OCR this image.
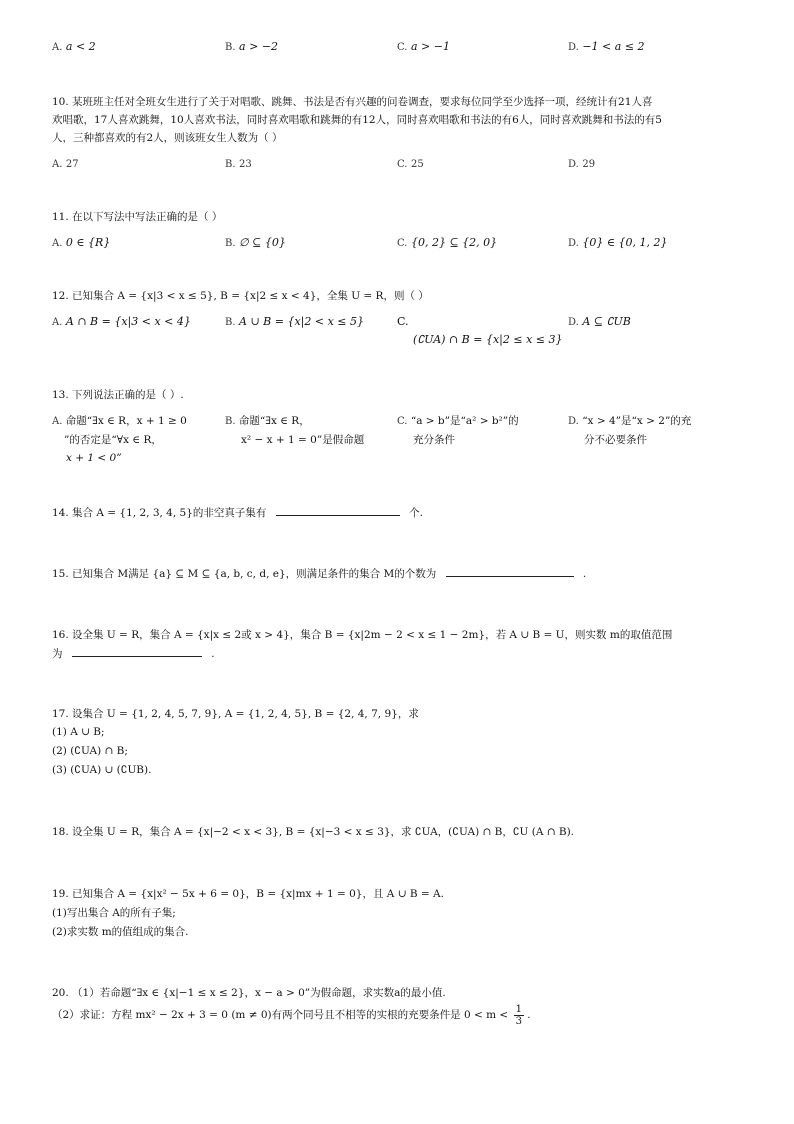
A. a < 2	B. a > −2	C. a > −1	D. −1 < a ≤ 2
10. 某班班主任对全班女生进行了关于对唱歌、跳舞、书法是否有兴趣的问卷调查，要求每位同学至少选择一项，经统计有21人喜
欢唱歌，17人喜欢跳舞，10人喜欢书法，同时喜欢唱歌和跳舞的有12人，同时喜欢唱歌和书法的有6人，同时喜欢跳舞和书法的有5
人，三种都喜欢的有2人，则该班女生人数为（ ）
A. 27	B. 23	C. 25	D. 29
11. 在以下写法中写法正确的是（ ）
A. 0 ∈ {R}	B. ∅ ⊆ {0}	C. {0, 2} ⊆ {2, 0}	D. {0} ∈ {0, 1, 2}
12. 已知集合 A = {x|3 < x ≤ 5}, B = {x|2 ≤ x < 4}，全集 U = R，则（ ）
A. A ∩ B = {x|3 < x < 4}	B. A ∪ B = {x|2 < x ≤ 5}	C.
(∁UA) ∩ B = {x|2 ≤ x ≤ 3}
D. A ⊆ ∁UB
13. 下列说法正确的是（ ）.
A. 命题“∃x ∈ R，x + 1 ≥ 0
”的否定是“∀x ∈ R，
x + 1 < 0”
B. 命题“∃x ∈ R，
x² − x + 1 = 0”是假命题
C. “a > b”是“a² > b²”的
充分条件
D. “x > 4”是“x > 2”的充
分不必要条件
14. 集合 A = {1, 2, 3, 4, 5}的非空真子集有	个.
15. 已知集合 M满足 {a} ⊆ M ⊆ {a, b, c, d, e}，则满足条件的集合 M的个数为	.
16. 设全集 U = R，集合 A = {x|x ≤ 2或 x > 4}，集合 B = {x|2m − 2 < x ≤ 1 − 2m}，若 A ∪ B = U，则实数 m的取值范围
为	.
17. 设集合 U = {1, 2, 4, 5, 7, 9}, A = {1, 2, 4, 5}, B = {2, 4, 7, 9}，求
(1) A ∪ B;
(2) (∁UA) ∩ B;
(3) (∁UA) ∪ (∁UB).
18. 设全集 U = R，集合 A = {x|−2 < x < 3}, B = {x|−3 < x ≤ 3}，求 ∁UA，(∁UA) ∩ B，∁U (A ∩ B).
19. 已知集合 A = {x|x² − 5x + 6 = 0}，B = {x|mx + 1 = 0}，且 A ∪ B = A.
(1)写出集合 A的所有子集;
(2)求实数 m的值组成的集合.
20. （1）若命题“∃x ∈ {x|−1 ≤ x ≤ 2}，x − a > 0”为假命题，求实数a的最小值.
（2）求证：方程 mx² − 2x + 3 = 0 (m ≠ 0)有两个同号且不相等的实根的充要条件是 $0 < m < \frac{1}{3}$ .
